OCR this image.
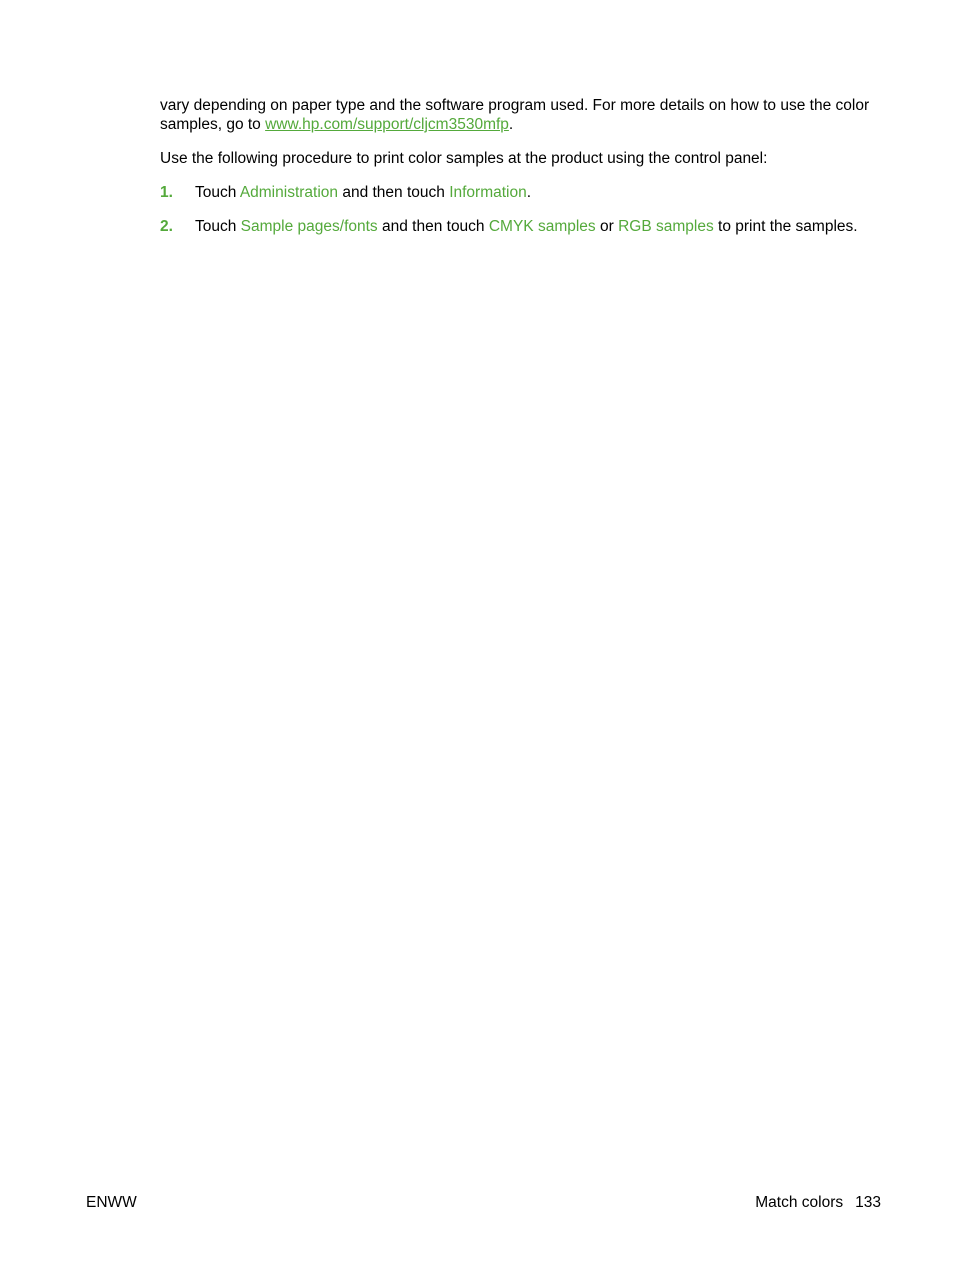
vary depending on paper type and the software program used. For more details on how to use the color samples, go to www.hp.com/support/cljcm3530mfp.

Use the following procedure to print color samples at the product using the control panel:

1. Touch Administration and then touch Information.
2. Touch Sample pages/fonts and then touch CMYK samples or RGB samples to print the samples.
ENWW	Match colors 133
